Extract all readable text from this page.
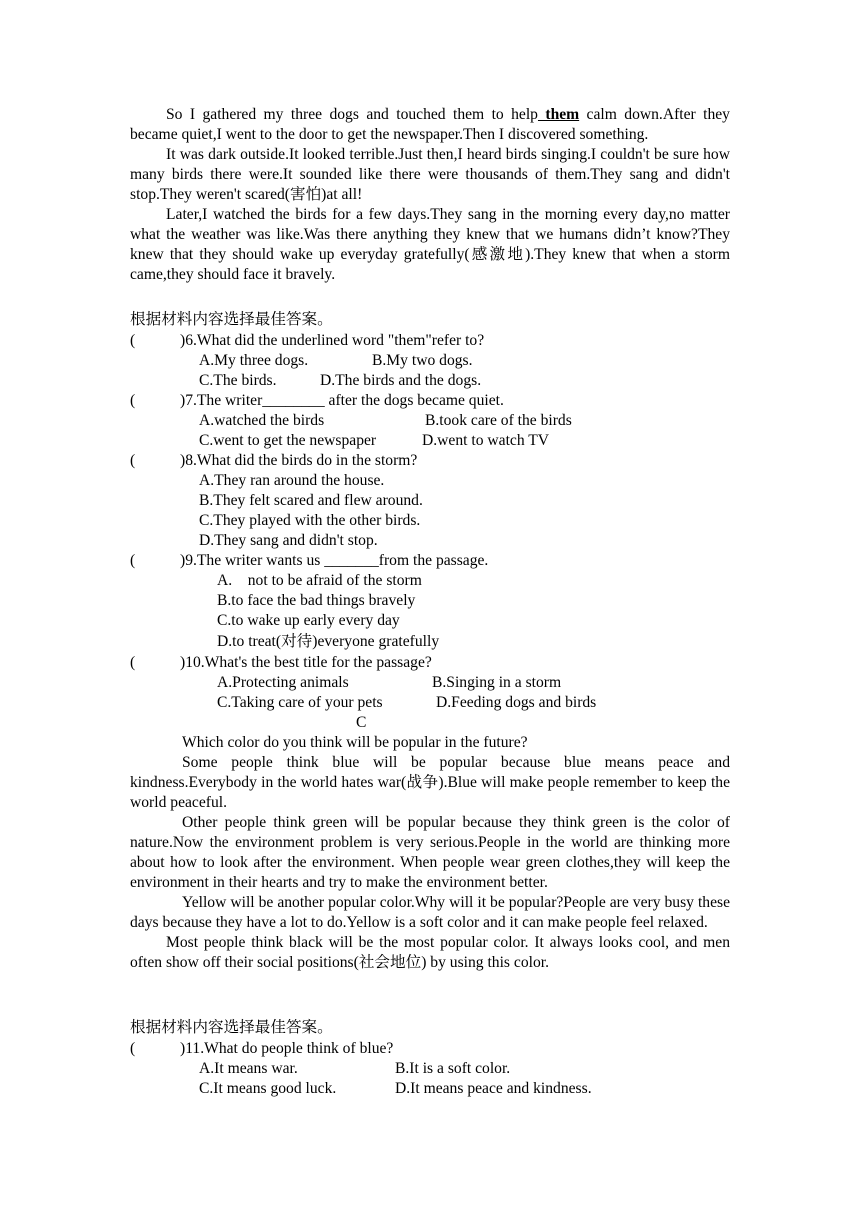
So I gathered my three dogs and touched them to help them calm down.After they became quiet,I went to the door to get the newspaper.Then I discovered something.

It was dark outside.It looked terrible.Just then,I heard birds singing.I couldn't be sure how many birds there were.It sounded like there were thousands of them.They sang and didn't stop.They weren't scared(害怕)at all!

Later,I watched the birds for a few days.They sang in the morning every day,no matter what the weather was like.Was there anything they knew that we humans didn’t know?They knew that they should wake up everyday gratefully(感激地).They knew that when a storm came,they should face it bravely.

根据材料内容选择最佳答案。
(	)6.What did the underlined word "them"refer to?
A.My three dogs.	B.My two dogs.
C.The birds.	D.The birds and the dogs.
(	)7.The writer________ after the dogs became quiet.
A.watched the birds	B.took care of the birds
C.went to get the newspaper	D.went to watch TV
(	)8.What did the birds do in the storm?
A.They ran around the house.
B.They felt scared and flew around.
C.They played with the other birds.
D.They sang and didn't stop.
(	)9.The writer wants us _______from the passage.
A.    not to be afraid of the storm
B.to face the bad things bravely
C.to wake up early every day
D.to treat(对待)everyone gratefully
(	)10.What's the best title for the passage?
A.Protecting animals	B.Singing in a storm
C.Taking care of your pets	D.Feeding dogs and birds
C

Which color do you think will be popular in the future?

Some people think blue will be popular because blue means peace and kindness.Everybody in the world hates war(战争).Blue will make people remember to keep the world peaceful.

Other people think green will be popular because they think green is the color of nature.Now the environment problem is very serious.People in the world are thinking more about how to look after the environment. When people wear green clothes,they will keep the environment in their hearts and try to make the environment better.

Yellow will be another popular color.Why will it be popular?People are very busy these days because they have a lot to do.Yellow is a soft color and it can make people feel relaxed.

Most people think black will be the most popular color. It always looks cool, and men often show off their social positions(社会地位) by using this color.

根据材料内容选择最佳答案。
(	)11.What do people think of blue?
A.It means war.	B.It is a soft color.
C.It means good luck.	D.It means peace and kindness.
